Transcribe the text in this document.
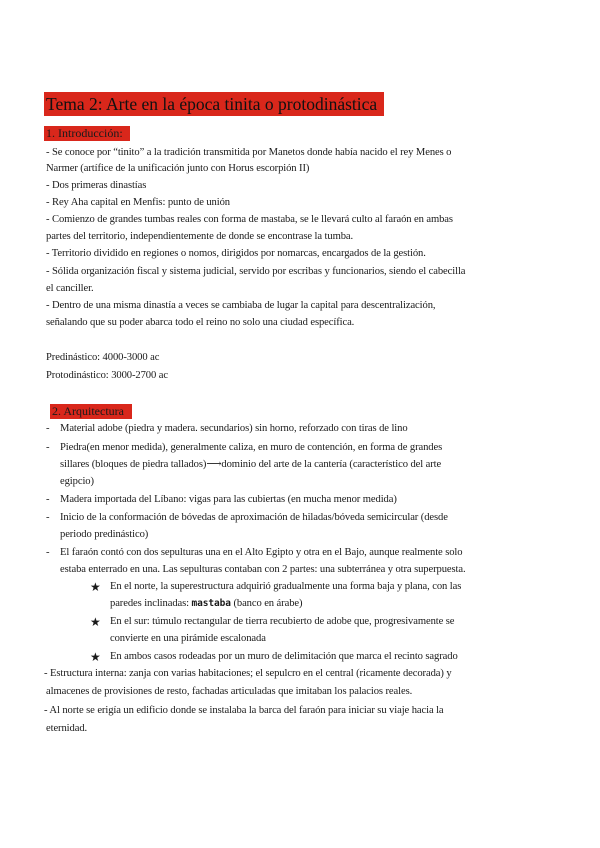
Tema 2: Arte en la época tinita o protodinástica
1. Introducción:
- Se conoce por “tinito” a la tradición transmitida por Manetos donde había nacido el rey Menes o
Narmer (artífice de la unificación junto con Horus escorpión II)
- Dos primeras dinastías
- Rey Aha capital en Menfis: punto de unión
- Comienzo de grandes tumbas reales con forma de mastaba, se le llevará culto al faraón en ambas
partes del territorio, independientemente de donde se encontrase la tumba.
- Territorio dividido en regiones o nomos, dirigidos por nomarcas, encargados de la gestión.
- Sólida organización fiscal y sistema judicial, servido por escribas y funcionarios, siendo el cabecilla
el canciller.
- Dentro de una misma dinastía a veces se cambiaba de lugar la capital para descentralización,
señalando que su poder abarca todo el reino no solo una ciudad específica.
Predinástico: 4000-3000 ac
Protodinástico: 3000-2700 ac
2. Arquitectura
- Material adobe (piedra y madera. secundarios) sin horno, reforzado con tiras de lino
- Piedra(en menor medida), generalmente caliza, en muro de contención, en forma de grandes
sillares (bloques de piedra tallados)⟶dominio del arte de la cantería (característico del arte
egipcio)
- Madera importada del Líbano: vigas para las cubiertas (en mucha menor medida)
- Inicio de la conformación de bóvedas de aproximación de hiladas/bóveda semicircular (desde
periodo predinástico)
- El faraón contó con dos sepulturas una en el Alto Egipto y otra en el Bajo, aunque realmente solo
estaba enterrado en una. Las sepulturas contaban con 2 partes: una subterránea y otra superpuesta.
★ En el norte, la superestructura adquirió gradualmente una forma baja y plana, con las
paredes inclinadas: mastaba (banco en árabe)
★ En el sur: túmulo rectangular de tierra recubierto de adobe que, progresivamente se
convierte en una pirámide escalonada
★ En ambos casos rodeadas por un muro de delimitación que marca el recinto sagrado
- Estructura interna: zanja con varias habitaciones; el sepulcro en el central (ricamente decorada) y
almacenes de provisiones de resto, fachadas articuladas que imitaban los palacios reales.
- Al norte se erigía un edificio donde se instalaba la barca del faraón para iniciar su viaje hacia la
eternidad.
